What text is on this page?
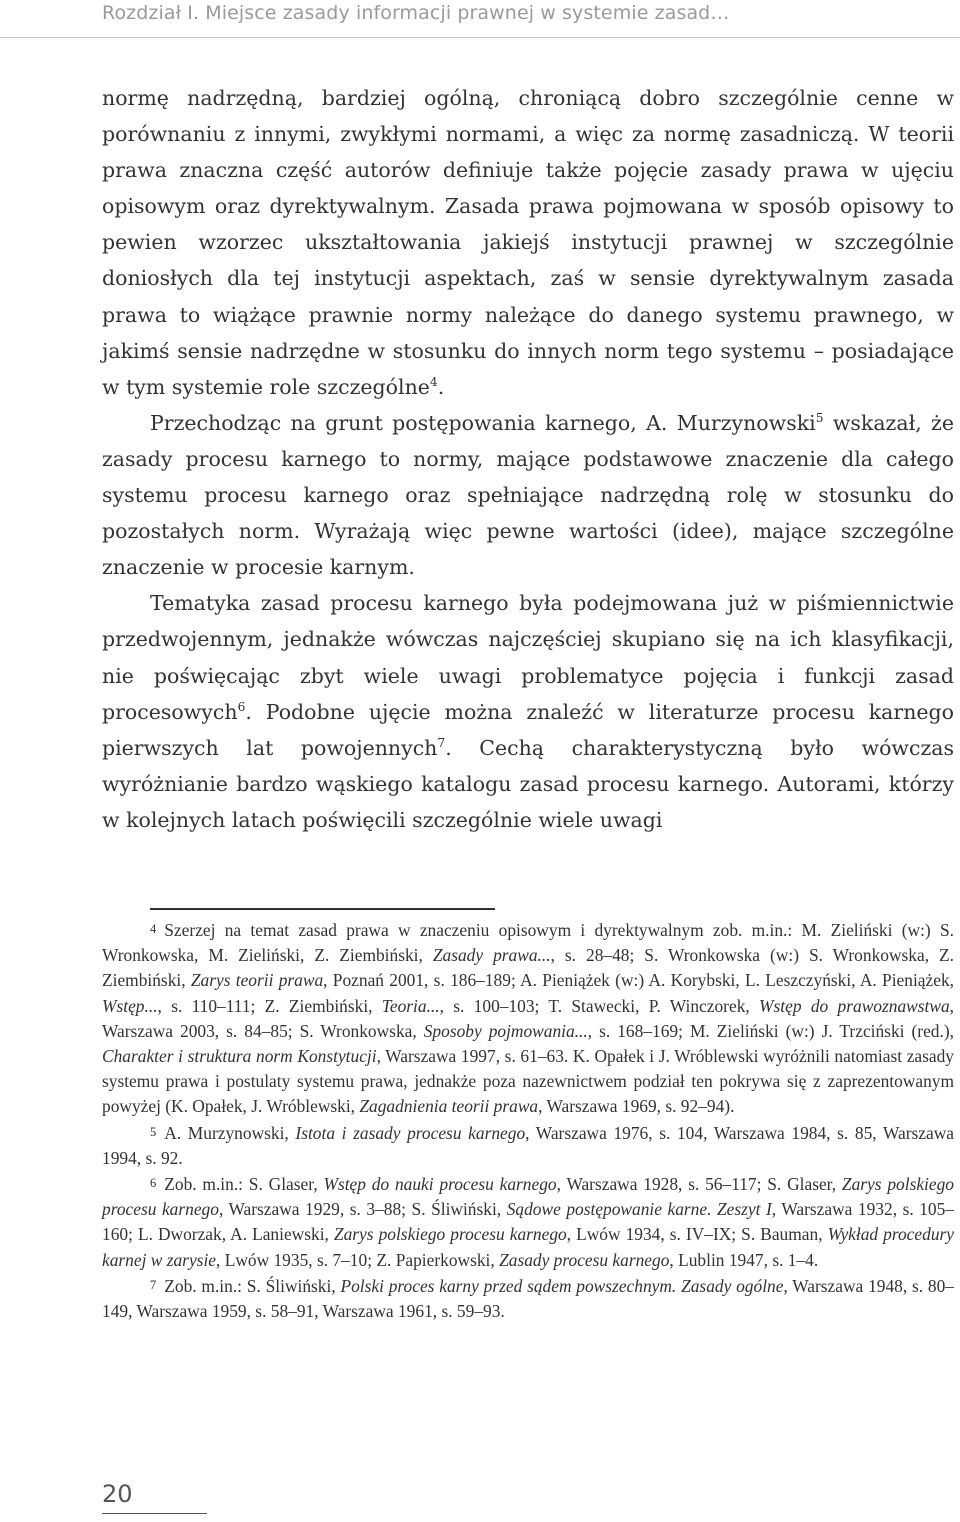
Rozdział I. Miejsce zasady informacji prawnej w systemie zasad…

normę nadrzędną, bardziej ogólną, chroniącą dobro szczególnie cenne w porównaniu z innymi, zwykłymi normami, a więc za normę zasadniczą. W teorii prawa znaczna część autorów definiuje także pojęcie zasady prawa w ujęciu opisowym oraz dyrektywalnym. Zasada prawa pojmowana w sposób opisowy to pewien wzorzec ukształtowania jakiejś instytucji prawnej w szczególnie doniosłych dla tej instytucji aspektach, zaś w sensie dyrektywalnym zasada prawa to wiążące prawnie normy należące do danego systemu prawnego, w jakimś sensie nadrzędne w stosunku do innych norm tego systemu – posiadające w tym systemie role szczególne$^4$.

Przechodząc na grunt postępowania karnego, A. Murzynowski$^5$ wskazał, że zasady procesu karnego to normy, mające podstawowe znaczenie dla całego systemu procesu karnego oraz spełniające nadrzędną rolę w stosunku do pozostałych norm. Wyrażają więc pewne wartości (idee), mające szczególne znaczenie w procesie karnym.

Tematyka zasad procesu karnego była podejmowana już w piśmiennictwie przedwojennym, jednakże wówczas najczęściej skupiano się na ich klasyfikacji, nie poświęcając zbyt wiele uwagi problematyce pojęcia i funkcji zasad procesowych$^6$. Podobne ujęcie można znaleźć w literaturze procesu karnego pierwszych lat powojennych$^7$. Cechą charakterystyczną było wówczas wyróżnianie bardzo wąskiego katalogu zasad procesu karnego. Autorami, którzy w kolejnych latach poświęcili szczególnie wiele uwagi

4 Szerzej na temat zasad prawa w znaczeniu opisowym i dyrektywalnym zob. m.in.: M. Zieliński (w:) S. Wronkowska, M. Zieliński, Z. Ziembiński, Zasady prawa..., s. 28–48; S. Wronkowska (w:) S. Wronkowska, Z. Ziembiński, Zarys teorii prawa, Poznań 2001, s. 186–189; A. Pieniążek (w:) A. Korybski, L. Leszczyński, A. Pieniążek, Wstęp..., s. 110–111; Z. Ziembiński, Teoria..., s. 100–103; T. Stawecki, P. Winczorek, Wstęp do prawoznawstwa, Warszawa 2003, s. 84–85; S. Wronkowska, Sposoby pojmowania..., s. 168–169; M. Zieliński (w:) J. Trzciński (red.), Charakter i struktura norm Konstytucji, Warszawa 1997, s. 61–63. K. Opałek i J. Wróblewski wyróżnili natomiast zasady systemu prawa i postulaty systemu prawa, jednakże poza nazewnictwem podział ten pokrywa się z zaprezentowanym powyżej (K. Opałek, J. Wróblewski, Zagadnienia teorii prawa, Warszawa 1969, s. 92–94).

5 A. Murzynowski, Istota i zasady procesu karnego, Warszawa 1976, s. 104, Warszawa 1984, s. 85, Warszawa 1994, s. 92.

6 Zob. m.in.: S. Glaser, Wstęp do nauki procesu karnego, Warszawa 1928, s. 56–117; S. Glaser, Zarys polskiego procesu karnego, Warszawa 1929, s. 3–88; S. Śliwiński, Sądowe postępowanie karne. Zeszyt I, Warszawa 1932, s. 105–160; L. Dworzak, A. Laniewski, Zarys polskiego procesu karnego, Lwów 1934, s. IV–IX; S. Bauman, Wykład procedury karnej w zarysie, Lwów 1935, s. 7–10; Z. Papierkowski, Zasady procesu karnego, Lublin 1947, s. 1–4.

7 Zob. m.in.: S. Śliwiński, Polski proces karny przed sądem powszechnym. Zasady ogólne, Warszawa 1948, s. 80–149, Warszawa 1959, s. 58–91, Warszawa 1961, s. 59–93.

20
